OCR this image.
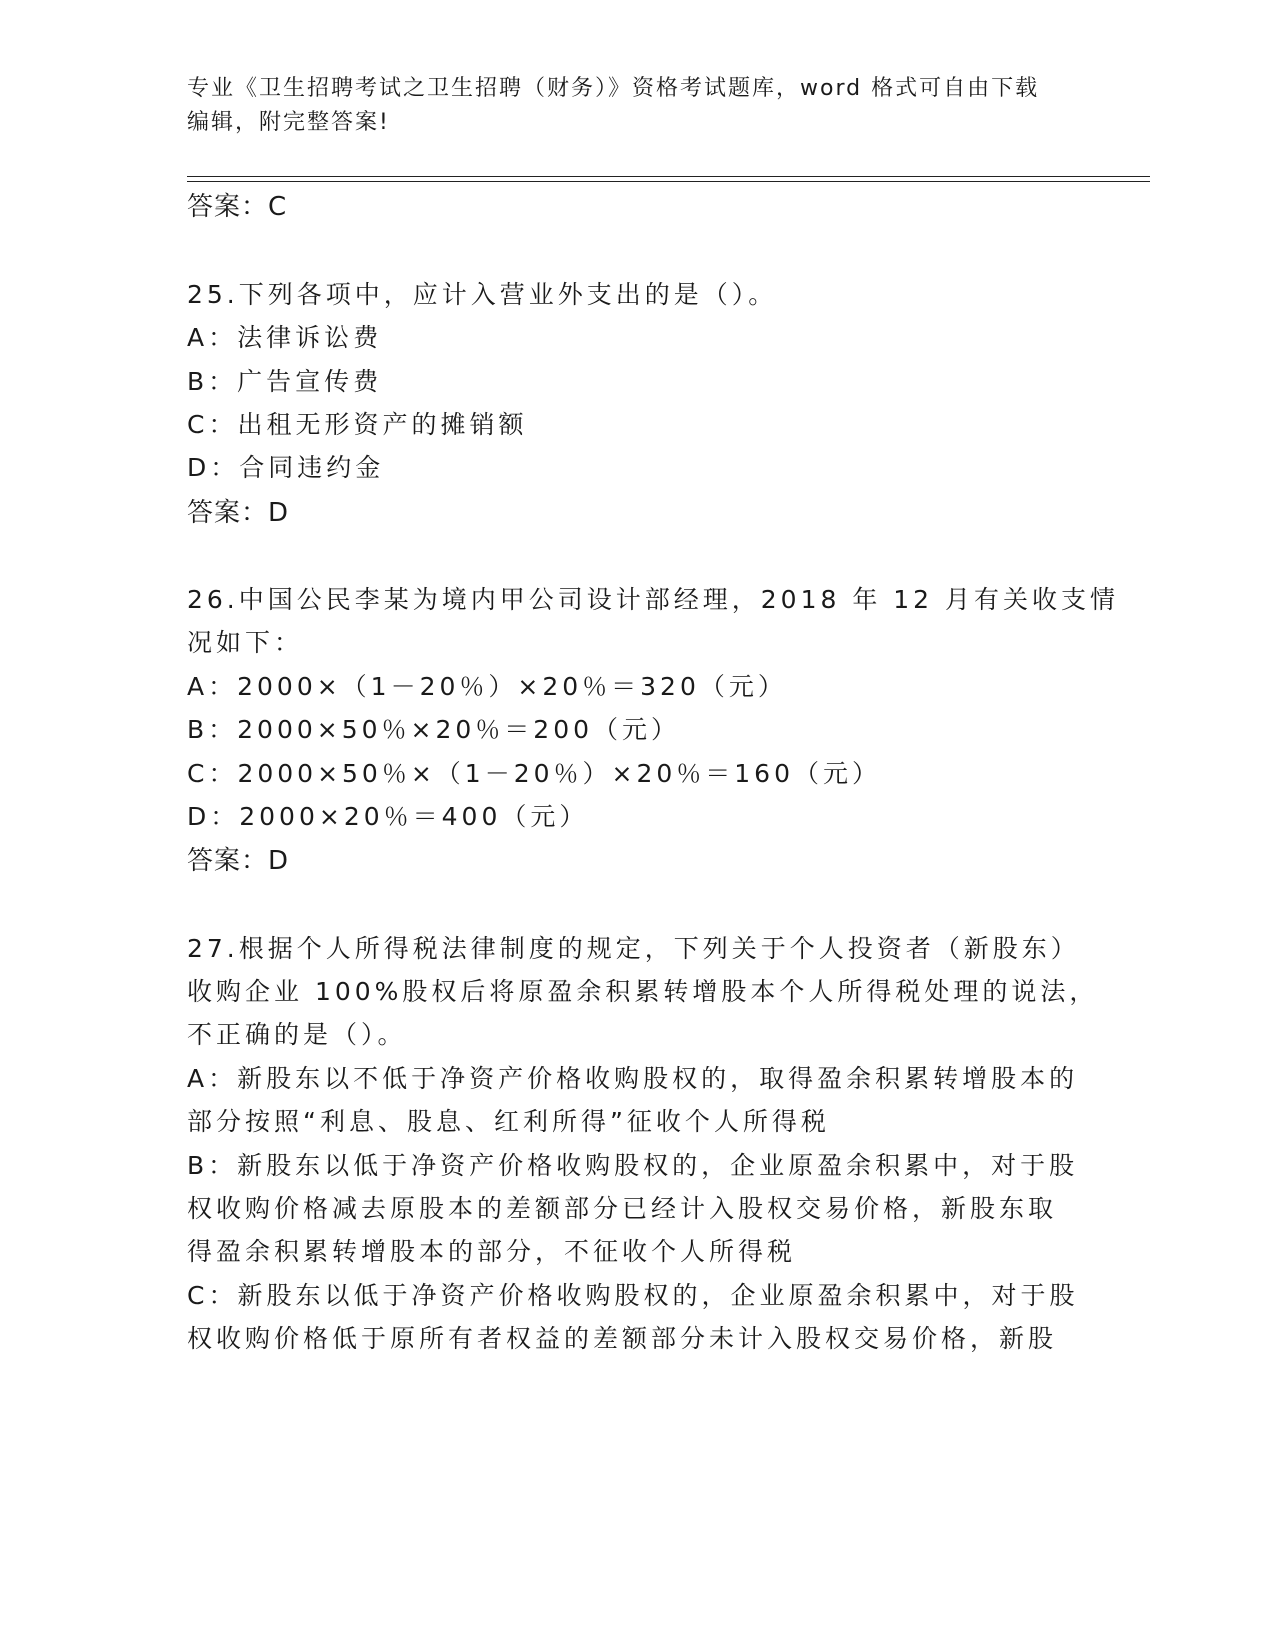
专业《卫生招聘考试之卫生招聘（财务）》资格考试题库，word 格式可自由下载
编辑，附完整答案!
答案：C
25.下列各项中，应计入营业外支出的是（）。
A：法律诉讼费
B：广告宣传费
C：出租无形资产的摊销额
D：合同违约金
答案：D
26.中国公民李某为境内甲公司设计部经理，2018 年 12 月有关收支情
况如下：
A：2000×（1－20％）×20％＝320（元）
B：2000×50％×20％＝200（元）
C：2000×50％×（1－20％）×20％＝160（元）
D：2000×20％＝400（元）
答案：D
27.根据个人所得税法律制度的规定，下列关于个人投资者（新股东）
收购企业 100%股权后将原盈余积累转增股本个人所得税处理的说法，
不正确的是（）。
A：新股东以不低于净资产价格收购股权的，取得盈余积累转增股本的
部分按照“利息、股息、红利所得”征收个人所得税
B：新股东以低于净资产价格收购股权的，企业原盈余积累中，对于股
权收购价格减去原股本的差额部分已经计入股权交易价格，新股东取
得盈余积累转增股本的部分，不征收个人所得税
C：新股东以低于净资产价格收购股权的，企业原盈余积累中，对于股
权收购价格低于原所有者权益的差额部分未计入股权交易价格，新股
